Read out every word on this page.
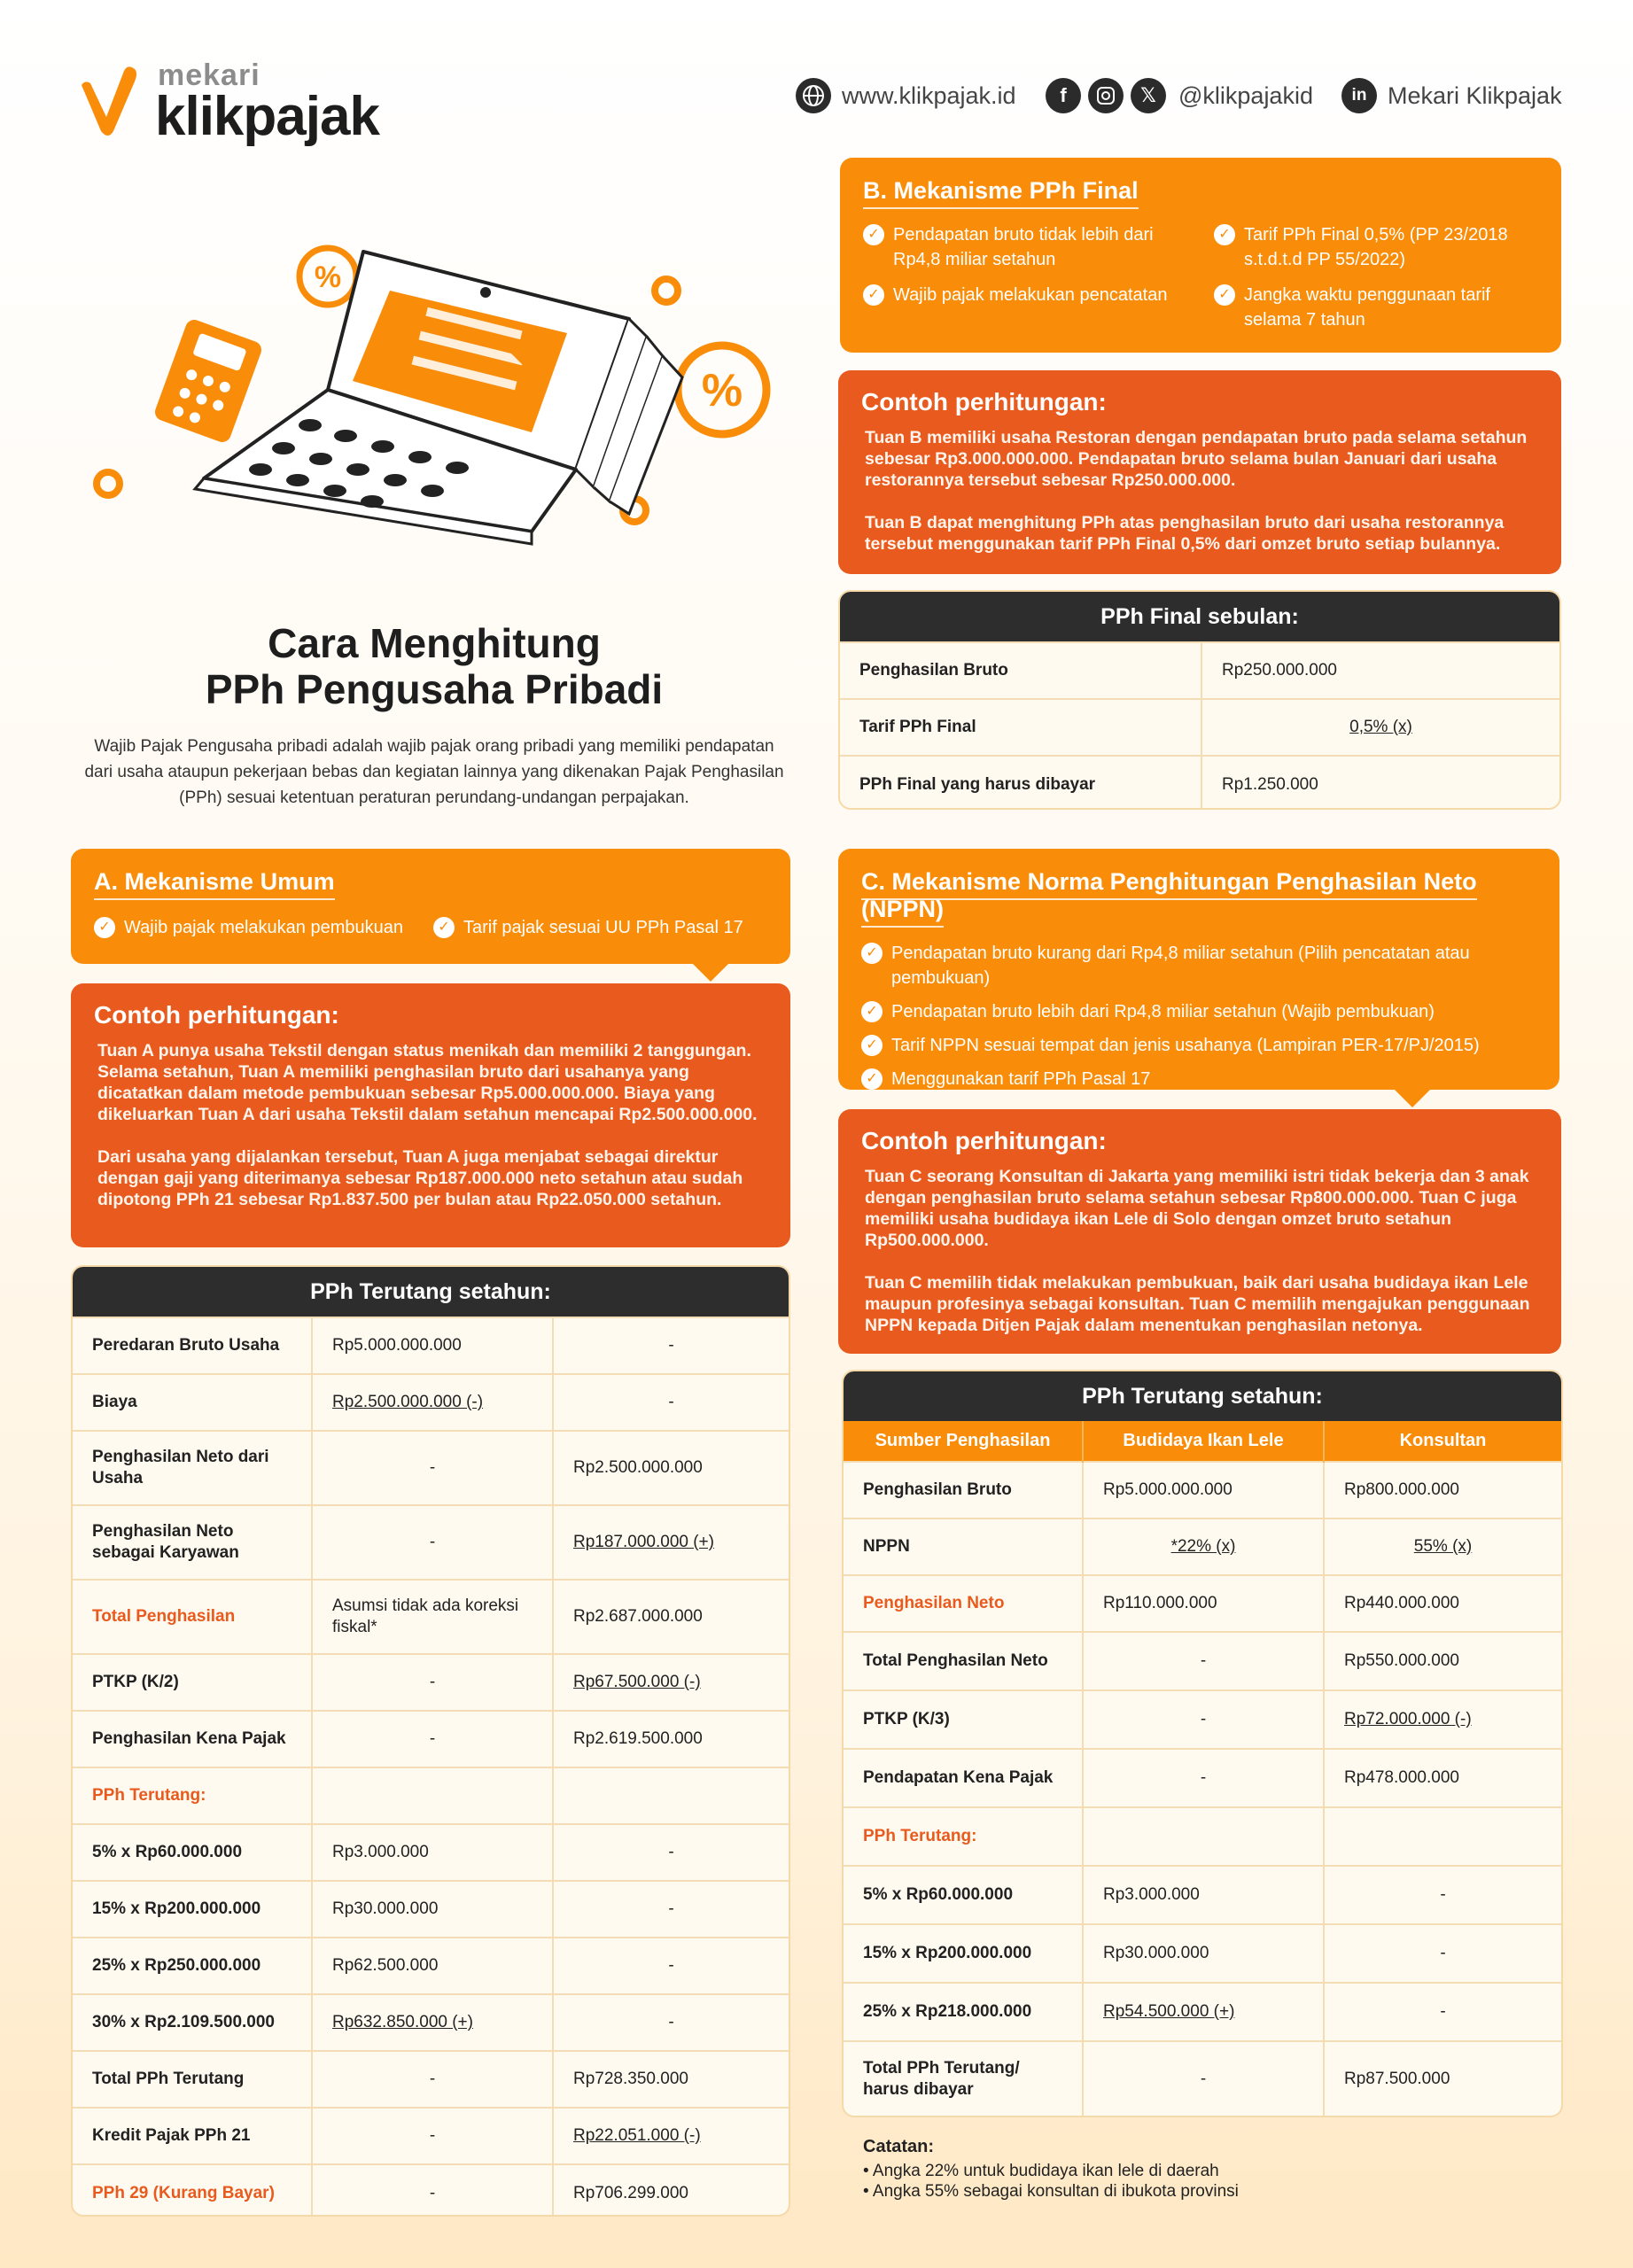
mekari
klikpajak	www.klikpajak.id	f	𝕏 @klikpajakid	in Mekari Klikpajak
%
%
Cara Menghitung
PPh Pengusaha Pribadi
Wajib Pajak Pengusaha pribadi adalah wajib pajak orang pribadi yang memiliki pendapatan dari usaha ataupun pekerjaan bebas dan kegiatan lainnya yang dikenakan Pajak Penghasilan (PPh) sesuai ketentuan peraturan perundang-undangan perpajakan.
A. Mekanisme Umum
✓ Wajib pajak melakukan pembukuan	✓ Tarif pajak sesuai UU PPh Pasal 17
Contoh perhitungan:

Tuan A punya usaha Tekstil dengan status menikah dan memiliki 2 tanggungan. Selama setahun, Tuan A memiliki penghasilan bruto dari usahanya yang dicatatkan dalam metode pembukuan sebesar Rp5.000.000.000. Biaya yang dikeluarkan Tuan A dari usaha Tekstil dalam setahun mencapai Rp2.500.000.000.

Dari usaha yang dijalankan tersebut, Tuan A juga menjabat sebagai direktur dengan gaji yang diterimanya sebesar Rp187.000.000 neto setahun atau sudah dipotong PPh 21 sebesar Rp1.837.500 per bulan atau Rp22.050.000 setahun.

PPh Terutang setahun:
Peredaran Bruto Usaha	Rp5.000.000.000	-
Biaya	Rp2.500.000.000 (-)	-
Penghasilan Neto dari Usaha	-	Rp2.500.000.000
Penghasilan Neto sebagai Karyawan	-	Rp187.000.000 (+)
Total Penghasilan	Asumsi tidak ada koreksi fiskal*	Rp2.687.000.000
PTKP (K/2)	-	Rp67.500.000 (-)
Penghasilan Kena Pajak	-	Rp2.619.500.000
PPh Terutang:		
5% x Rp60.000.000	Rp3.000.000	-
15% x Rp200.000.000	Rp30.000.000	-
25% x Rp250.000.000	Rp62.500.000	-
30% x Rp2.109.500.000	Rp632.850.000 (+)	-
Total PPh Terutang	-	Rp728.350.000
Kredit Pajak PPh 21	-	Rp22.051.000 (-)
PPh 29 (Kurang Bayar)	-	Rp706.299.000
B. Mekanisme PPh Final
✓ Pendapatan bruto tidak lebih dari Rp4,8 miliar setahun
✓ Tarif PPh Final 0,5% (PP 23/2018 s.t.d.t.d PP 55/2022)
✓ Wajib pajak melakukan pencatatan	✓ Jangka waktu penggunaan tarif selama 7 tahun
Contoh perhitungan:

Tuan B memiliki usaha Restoran dengan pendapatan bruto pada selama setahun sebesar Rp3.000.000.000. Pendapatan bruto selama bulan Januari dari usaha restorannya tersebut sebesar Rp250.000.000.

Tuan B dapat menghitung PPh atas penghasilan bruto dari usaha restorannya tersebut menggunakan tarif PPh Final 0,5% dari omzet bruto setiap bulannya.

PPh Final sebulan:
Penghasilan Bruto	Rp250.000.000
Tarif PPh Final	0,5% (x)
PPh Final yang harus dibayar	Rp1.250.000
C. Mekanisme Norma Penghitungan Penghasilan Neto (NPPN)
✓ Pendapatan bruto kurang dari Rp4,8 miliar setahun (Pilih pencatatan atau pembukuan)
✓ Pendapatan bruto lebih dari Rp4,8 miliar setahun (Wajib pembukuan)
✓ Tarif NPPN sesuai tempat dan jenis usahanya (Lampiran PER-17/PJ/2015)
✓ Menggunakan tarif PPh Pasal 17
Contoh perhitungan:

Tuan C seorang Konsultan di Jakarta yang memiliki istri tidak bekerja dan 3 anak dengan penghasilan bruto selama setahun sebesar Rp800.000.000. Tuan C juga memiliki usaha budidaya ikan Lele di Solo dengan omzet bruto setahun Rp500.000.000.

Tuan C memilih tidak melakukan pembukuan, baik dari usaha budidaya ikan Lele maupun profesinya sebagai konsultan. Tuan C memilih mengajukan penggunaan NPPN kepada Ditjen Pajak dalam menentukan penghasilan netonya.

PPh Terutang setahun:
Sumber Penghasilan	Budidaya Ikan Lele	Konsultan
Penghasilan Bruto	Rp5.000.000.000	Rp800.000.000
NPPN	*22% (x)	55% (x)
Penghasilan Neto	Rp110.000.000	Rp440.000.000
Total Penghasilan Neto	-	Rp550.000.000
PTKP (K/3)	-	Rp72.000.000 (-)
Pendapatan Kena Pajak	-	Rp478.000.000
PPh Terutang:		
5% x Rp60.000.000	Rp3.000.000	-
15% x Rp200.000.000	Rp30.000.000	-
25% x Rp218.000.000	Rp54.500.000 (+)	-
Total PPh Terutang/ harus dibayar	-	Rp87.500.000
Catatan:
• Angka 22% untuk budidaya ikan lele di daerah
• Angka 55% sebagai konsultan di ibukota provinsi
